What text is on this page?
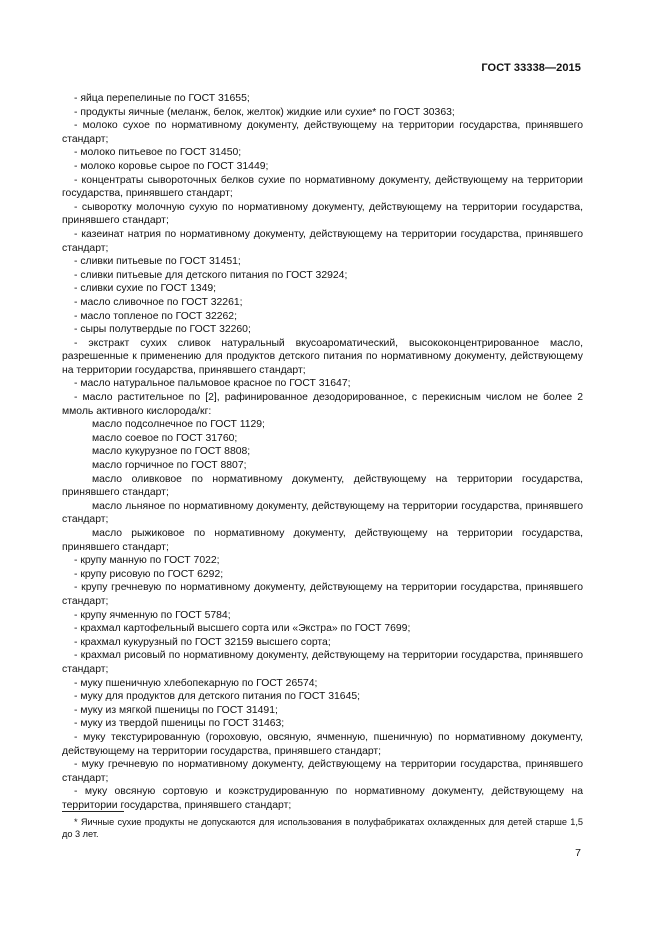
ГОСТ 33338—2015

- яйца перепелиные по ГОСТ 31655;

- продукты яичные (меланж, белок, желток) жидкие или сухие* по ГОСТ 30363;

- молоко сухое по нормативному документу, действующему на территории государства, принявшего стандарт;

- молоко питьевое по ГОСТ 31450;

- молоко коровье сырое по ГОСТ 31449;

- концентраты сывороточных белков сухие по нормативному документу, действующему на территории государства, принявшего стандарт;

- сыворотку молочную сухую по нормативному документу, действующему на территории государства, принявшего стандарт;

- казеинат натрия по нормативному документу, действующему на территории государства, принявшего стандарт;

- сливки питьевые по ГОСТ 31451;

- сливки питьевые для детского питания по ГОСТ 32924;

- сливки сухие по ГОСТ 1349;

- масло сливочное по ГОСТ 32261;

- масло топленое по ГОСТ 32262;

- сыры полутвердые по ГОСТ 32260;

- экстракт сухих сливок натуральный вкусоароматический, высококонцентрированное масло, разрешенные к применению для продуктов детского питания по нормативному документу, действующему на территории государства, принявшего стандарт;

- масло натуральное пальмовое красное по ГОСТ 31647;

- масло растительное по [2], рафинированное дезодорированное, с перекисным числом не более 2 ммоль активного кислорода/кг:

масло подсолнечное по ГОСТ 1129;

масло соевое по ГОСТ 31760;

масло кукурузное по ГОСТ 8808;

масло горчичное по ГОСТ 8807;

масло оливковое по нормативному документу, действующему на территории государства, принявшего стандарт;

масло льняное по нормативному документу, действующему на территории государства, принявшего стандарт;

масло рыжиковое по нормативному документу, действующему на территории государства, принявшего стандарт;

- крупу манную по ГОСТ 7022;

- крупу рисовую по ГОСТ 6292;

- крупу гречневую по нормативному документу, действующему на территории государства, принявшего стандарт;

- крупу ячменную по ГОСТ 5784;

- крахмал картофельный высшего сорта или «Экстра» по ГОСТ 7699;

- крахмал кукурузный по ГОСТ 32159 высшего сорта;

- крахмал рисовый по нормативному документу, действующему на территории государства, принявшего стандарт;

- муку пшеничную хлебопекарную по ГОСТ 26574;

- муку для продуктов для детского питания по ГОСТ 31645;

- муку из мягкой пшеницы по ГОСТ 31491;

- муку из твердой пшеницы по ГОСТ 31463;

- муку текстурированную (гороховую, овсяную, ячменную, пшеничную) по нормативному документу, действующему на территории государства, принявшего стандарт;

- муку гречневую по нормативному документу, действующему на территории государства, принявшего стандарт;

- муку овсяную сортовую и коэкструдированную по нормативному документу, действующему на территории государства, принявшего стандарт;

* Яичные сухие продукты не допускаются для использования в полуфабрикатах охлажденных для детей старше 1,5 до 3 лет.

7
